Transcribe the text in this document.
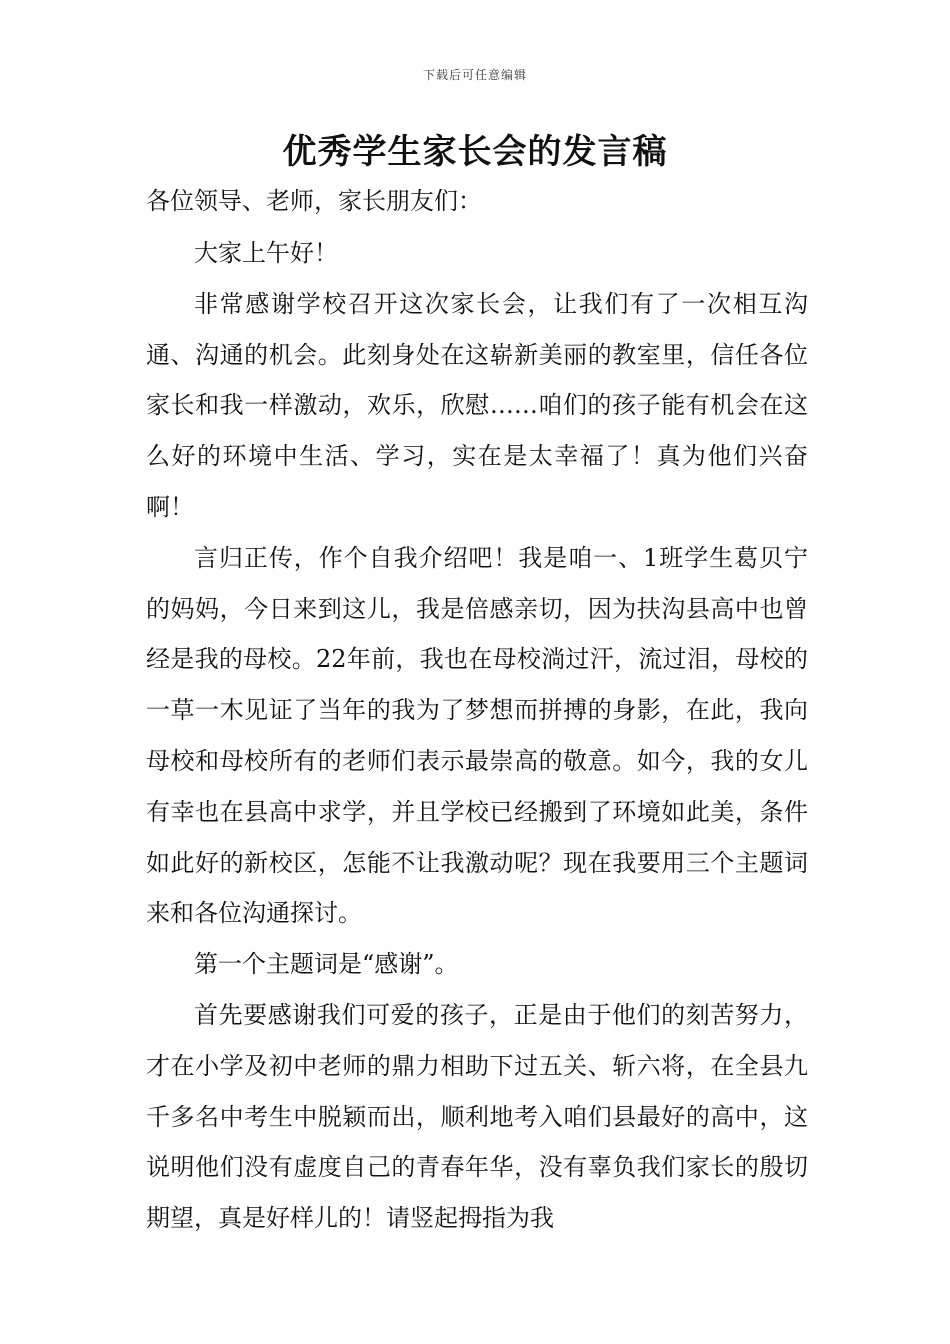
下载后可任意编辑
优秀学生家长会的发言稿

各位领导、老师，家长朋友们：

大家上午好！

非常感谢学校召开这次家长会，让我们有了一次相互沟通、沟通的机会。此刻身处在这崭新美丽的教室里，信任各位家长和我一样激动，欢乐，欣慰……咱们的孩子能有机会在这么好的环境中生活、学习，实在是太幸福了！真为他们兴奋啊！

言归正传，作个自我介绍吧！我是咱一、1班学生葛贝宁的妈妈，今日来到这儿，我是倍感亲切，因为扶沟县高中也曾经是我的母校。22年前，我也在母校淌过汗，流过泪，母校的一草一木见证了当年的我为了梦想而拼搏的身影，在此，我向母校和母校所有的老师们表示最崇高的敬意。如今，我的女儿有幸也在县高中求学，并且学校已经搬到了环境如此美，条件如此好的新校区，怎能不让我激动呢？现在我要用三个主题词来和各位沟通探讨。

第一个主题词是“感谢”。

首先要感谢我们可爱的孩子，正是由于他们的刻苦努力，才在小学及初中老师的鼎力相助下过五关、斩六将，在全县九千多名中考生中脱颖而出，顺利地考入咱们县最好的高中，这说明他们没有虚度自己的青春年华，没有辜负我们家长的殷切期望，真是好样儿的！请竖起拇指为我
